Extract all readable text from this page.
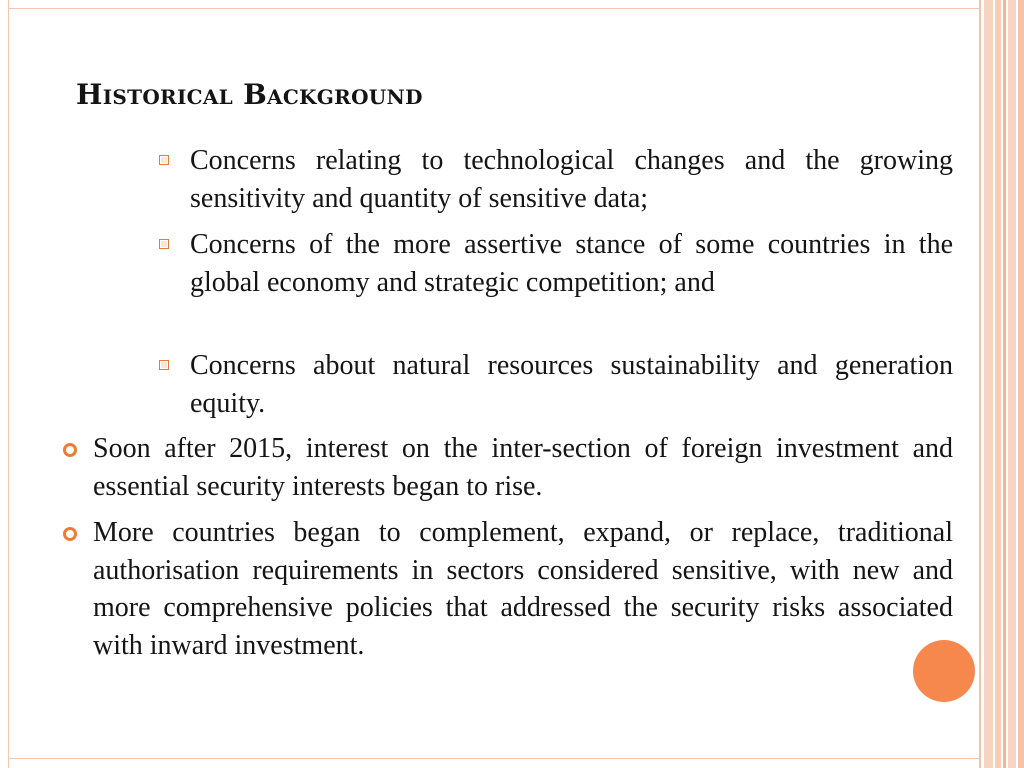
Historical Background

Concerns relating to technological changes and the growing sensitivity and quantity of sensitive data;

Concerns of the more assertive stance of some countries in the global economy and strategic competition; and

Concerns about natural resources sustainability and generation equity.

Soon after 2015, interest on the inter-section of foreign investment and essential security interests began to rise.

More countries began to complement, expand, or replace, traditional authorisation requirements in sectors considered sensitive, with new and more comprehensive policies that addressed the security risks associated with inward investment.
